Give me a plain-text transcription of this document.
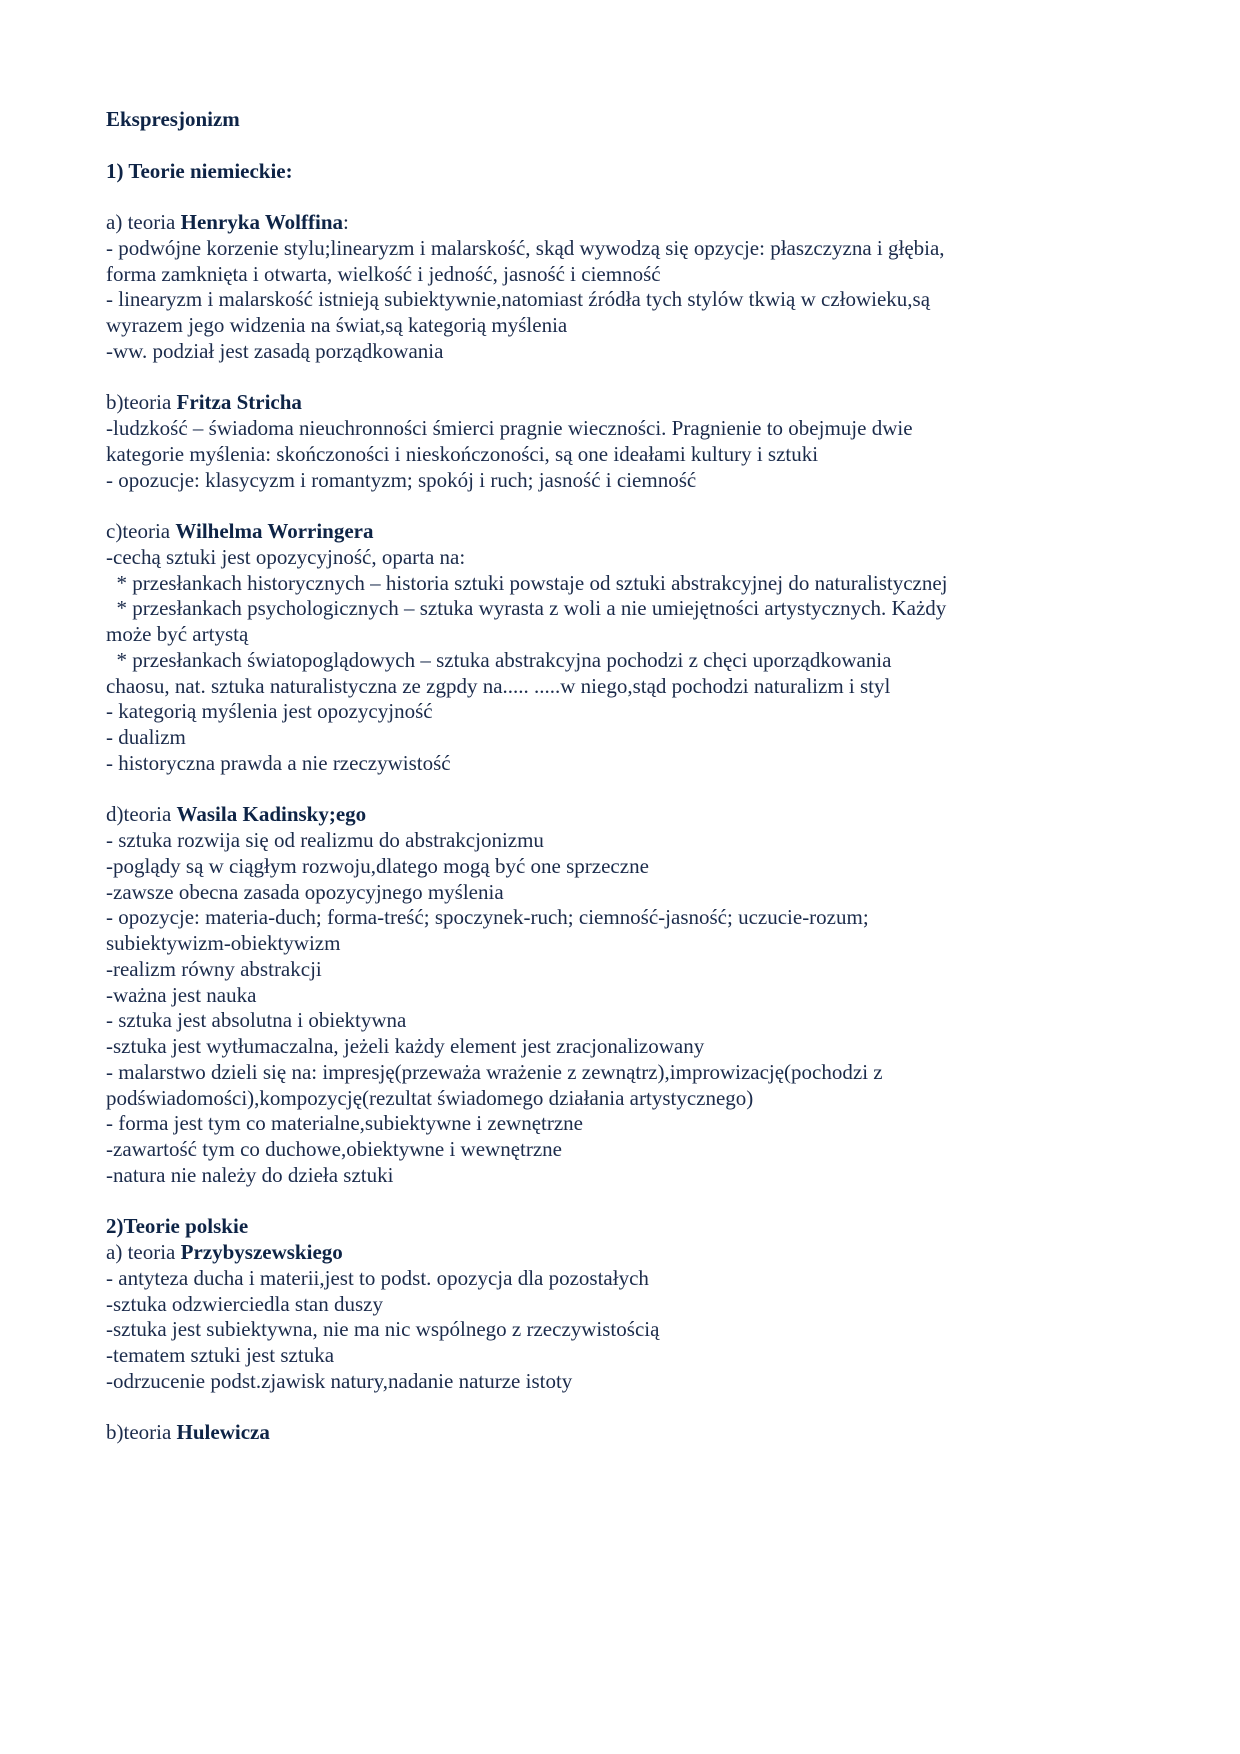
Ekspresjonizm
1) Teorie niemieckie:
a) teoria Henryka Wolffina:
- podwójne korzenie stylu;linearyzm i malarskość, skąd wywodzą się opzycje: płaszczyzna i głębia,
forma zamknięta i otwarta, wielkość i jedność, jasność i ciemność
- linearyzm i malarskość istnieją subiektywnie,natomiast źródła tych stylów tkwią w człowieku,są
wyrazem jego widzenia na świat,są kategorią myślenia
-ww. podział jest zasadą porządkowania
b)teoria Fritza Stricha
-ludzkość – świadoma nieuchronności śmierci pragnie wieczności. Pragnienie to obejmuje dwie
kategorie myślenia: skończoności i nieskończoności, są one ideałami kultury i sztuki
- opozucje: klasycyzm i romantyzm; spokój i ruch; jasność i ciemność
c)teoria Wilhelma Worringera
-cechą sztuki jest opozycyjność, oparta na:
* przesłankach historycznych – historia sztuki powstaje od sztuki abstrakcyjnej do naturalistycznej
* przesłankach psychologicznych – sztuka wyrasta z woli a nie umiejętności artystycznych. Każdy
może być artystą
* przesłankach światopoglądowych – sztuka abstrakcyjna pochodzi z chęci uporządkowania
chaosu, nat. sztuka naturalistyczna ze zgpdy na..... .....w niego,stąd pochodzi naturalizm i styl
- kategorią myślenia jest opozycyjność
- dualizm
- historyczna prawda a nie rzeczywistość
d)teoria Wasila Kadinsky;ego
- sztuka rozwija się od realizmu do abstrakcjonizmu
-poglądy są w ciągłym rozwoju,dlatego mogą być one sprzeczne
-zawsze obecna zasada opozycyjnego myślenia
- opozycje: materia-duch; forma-treść; spoczynek-ruch; ciemność-jasność; uczucie-rozum;
subiektywizm-obiektywizm
-realizm równy abstrakcji
-ważna jest nauka
- sztuka jest absolutna i obiektywna
-sztuka jest wytłumaczalna, jeżeli każdy element jest zracjonalizowany
- malarstwo dzieli się na: impresję(przeważa wrażenie z zewnątrz),improwizację(pochodzi z
podświadomości),kompozycję(rezultat świadomego działania artystycznego)
- forma jest tym co materialne,subiektywne i zewnętrzne
-zawartość tym co duchowe,obiektywne i wewnętrzne
-natura nie należy do dzieła sztuki
2)Teorie polskie
a) teoria Przybyszewskiego
- antyteza ducha i materii,jest to podst. opozycja dla pozostałych
-sztuka odzwierciedla stan duszy
-sztuka jest subiektywna, nie ma nic wspólnego z rzeczywistością
-tematem sztuki jest sztuka
-odrzucenie podst.zjawisk natury,nadanie naturze istoty
b)teoria Hulewicza
